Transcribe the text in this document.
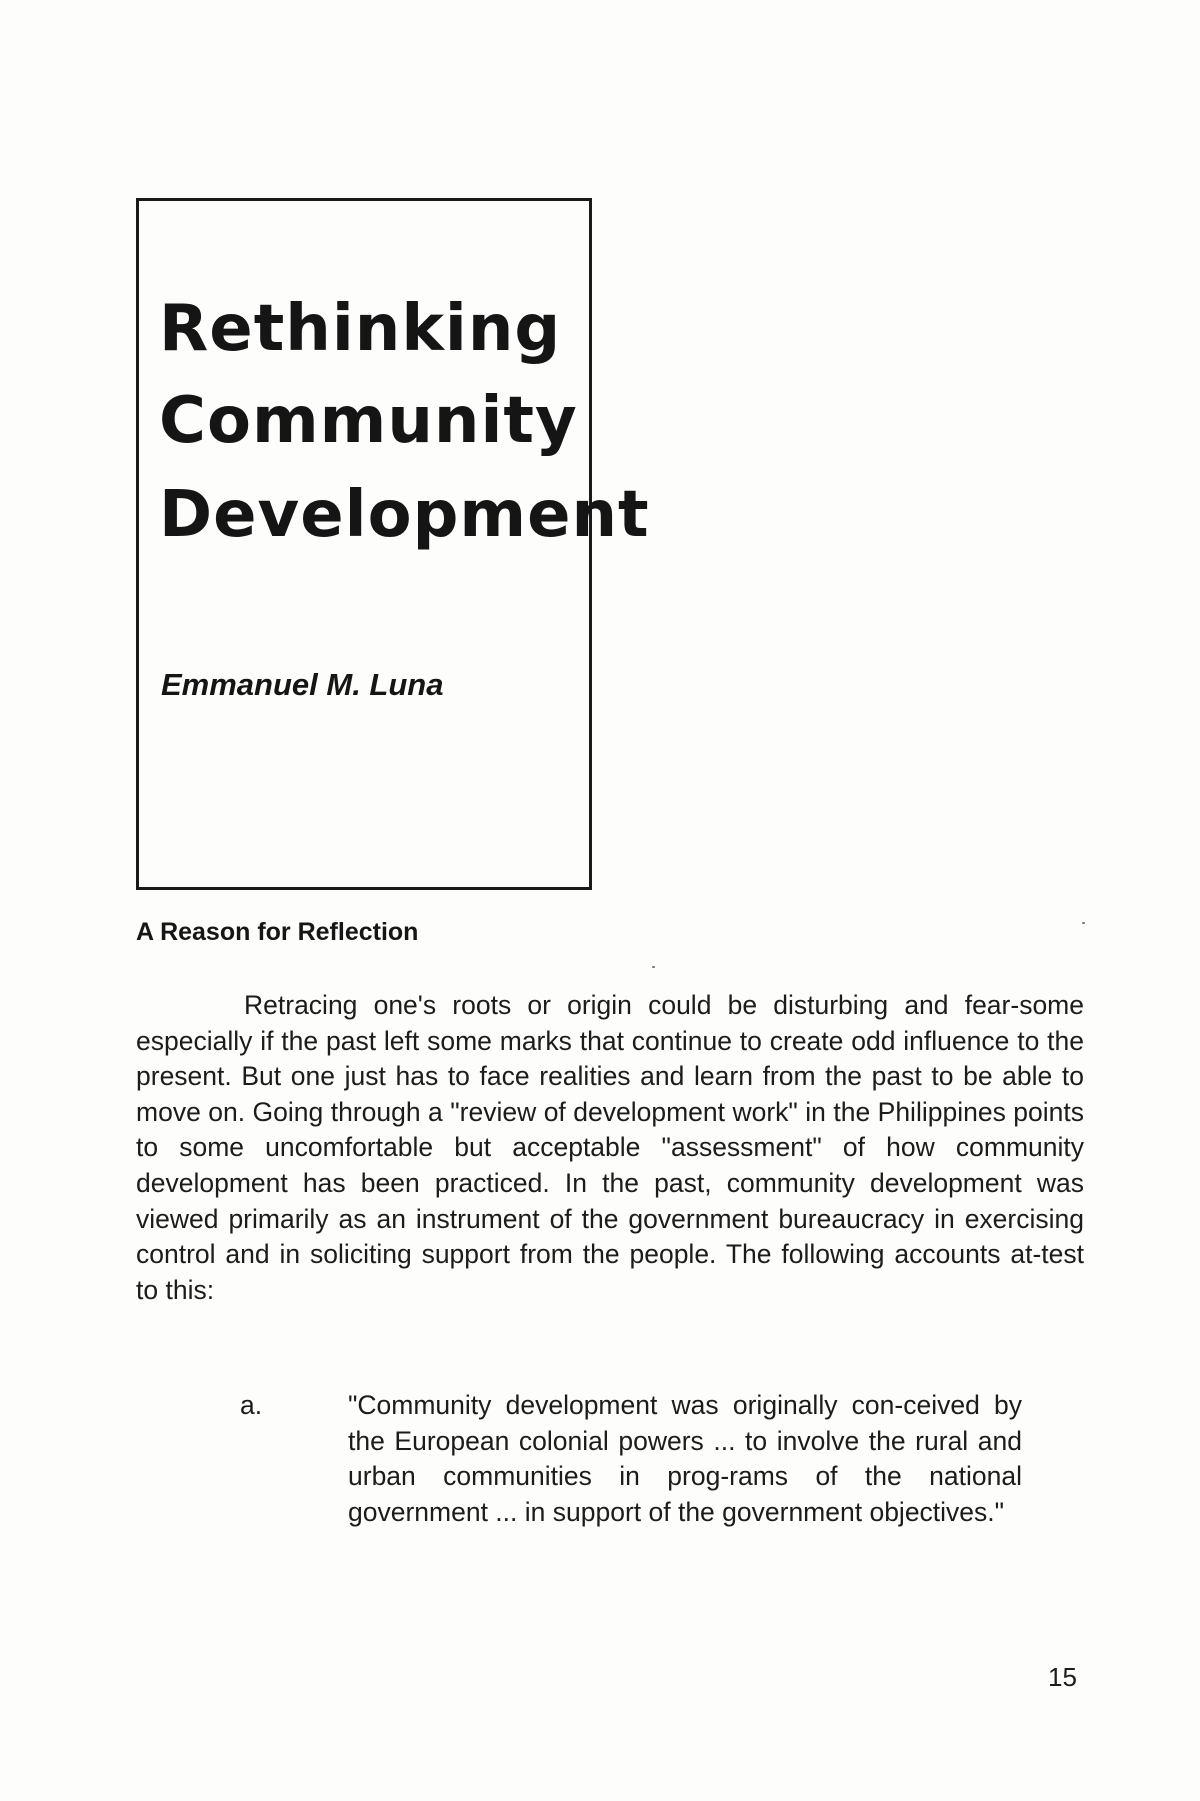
Rethinking
Community
Development

Emmanuel M. Luna

A Reason for Reflection

Retracing one's roots or origin could be disturbing and fear-some especially if the past left some marks that continue to create odd influence to the present. But one just has to face realities and learn from the past to be able to move on. Going through a "review of development work" in the Philippines points to some uncomfortable but acceptable "assessment" of how community development has been practiced. In the past, community development was viewed primarily as an instrument of the government bureaucracy in exercising control and in soliciting support from the people. The following accounts at-test to this:

a.	"Community development was originally con-ceived by the European colonial powers ... to involve the rural and urban communities in prog-rams of the national government ... in support of the government objectives."

15
